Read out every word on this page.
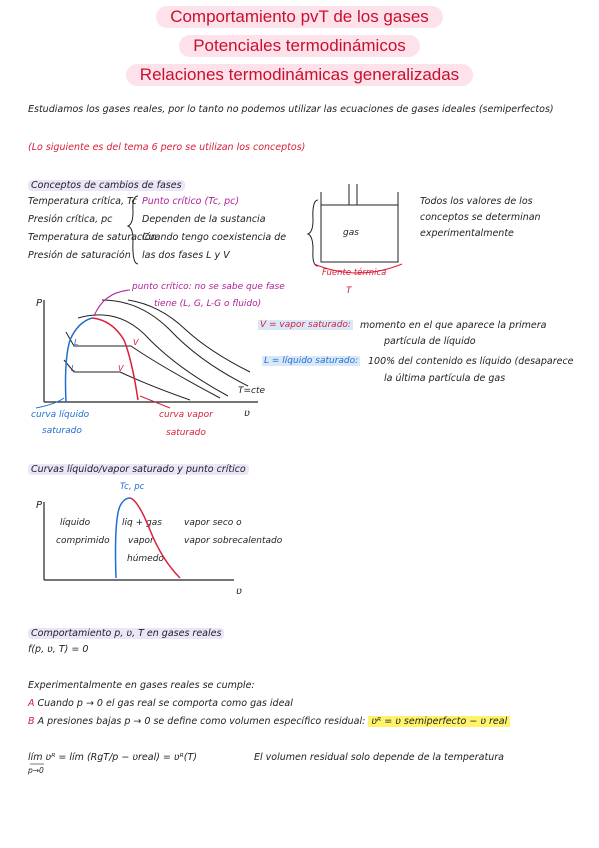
Comportamiento pvT de los gases
Potenciales termodinámicos
Relaciones termodinámicas generalizadas
Estudiamos los gases reales, por lo tanto no podemos utilizar las ecuaciones de gases ideales (semiperfectos)
(Lo siguiente es del tema 6 pero se utilizan los conceptos)
Conceptos de cambios de fases
Temperatura crítica, Tc
Presión crítica, pc
Temperatura de saturación
Presión de saturación
Punto crítico (Tc, pc)
Dependen de la sustancia
Cuando tengo coexistencia de
las dos fases L y V
gas
Fuente térmica
T
Todos los valores de los
conceptos se determinan
experimentalmente
P
ʋ
T=cte
punto crítico: no se sabe que fase
tiene (L, G, L-G o fluido)
L	V
L	V
curva líquido
saturado
curva vapor
saturado
V = vapor saturado: momento en el que aparece la primera
partícula de líquido
L = líquido saturado: 100% del contenido es líquido (desaparece
la última partícula de gas
Curvas líquido/vapor saturado y punto crítico
Tc, pc
P
ʋ
líquido
comprimido
liq + gas
vapor
húmedo
vapor seco o
vapor sobrecalentado
Comportamiento p, ʋ, T en gases reales
f(p, ʋ, T) = 0
Experimentalmente en gases reales se cumple:
A Cuando p → 0 el gas real se comporta como gas ideal
B A presiones bajas p → 0 se define como volumen específico residual: ʋᴿ = ʋ semiperfecto − ʋ real
lím ʋᴿ = lím (RgT/p − ʋreal) = ʋᴿ(T)
p→0
El volumen residual solo depende de la temperatura
